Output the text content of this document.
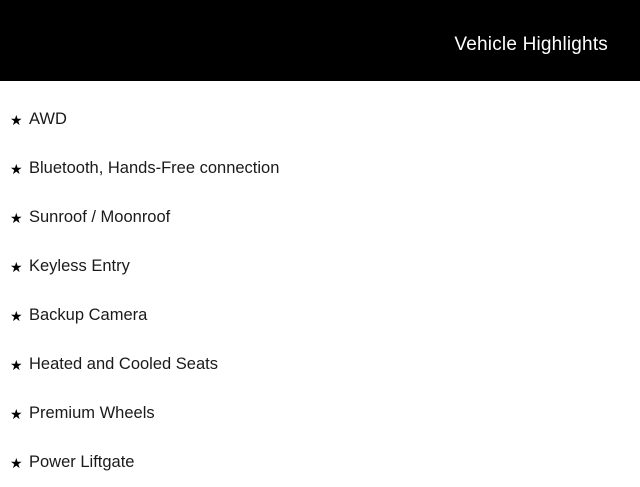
Vehicle Highlights
★ AWD
★ Bluetooth, Hands-Free connection
★ Sunroof / Moonroof
★ Keyless Entry
★ Backup Camera
★ Heated and Cooled Seats
★ Premium Wheels
★ Power Liftgate
